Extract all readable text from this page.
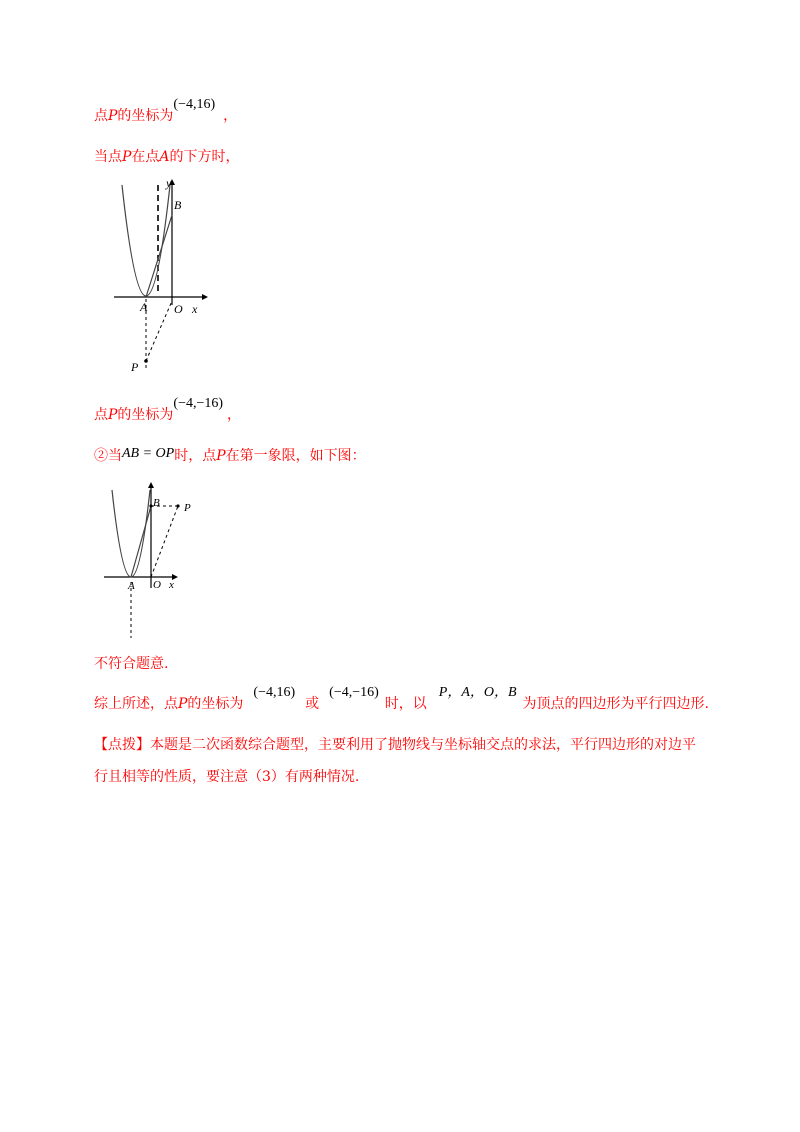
点P的坐标为(−4,16)，
当点P在点A的下方时，
y
B
A O x
P
点P的坐标为(−4,−16)，
②当AB = OP时，点P在第一象限，如下图：
B P
A O x
不符合题意.
综上所述，点P的坐标为(−4,16)或(−4,−16)时，以P，A，O，B为顶点的四边形为平行四边形.
【点拨】本题是二次函数综合题型，主要利用了抛物线与坐标轴交点的求法，平行四边形的对边平
行且相等的性质，要注意（3）有两种情况.
